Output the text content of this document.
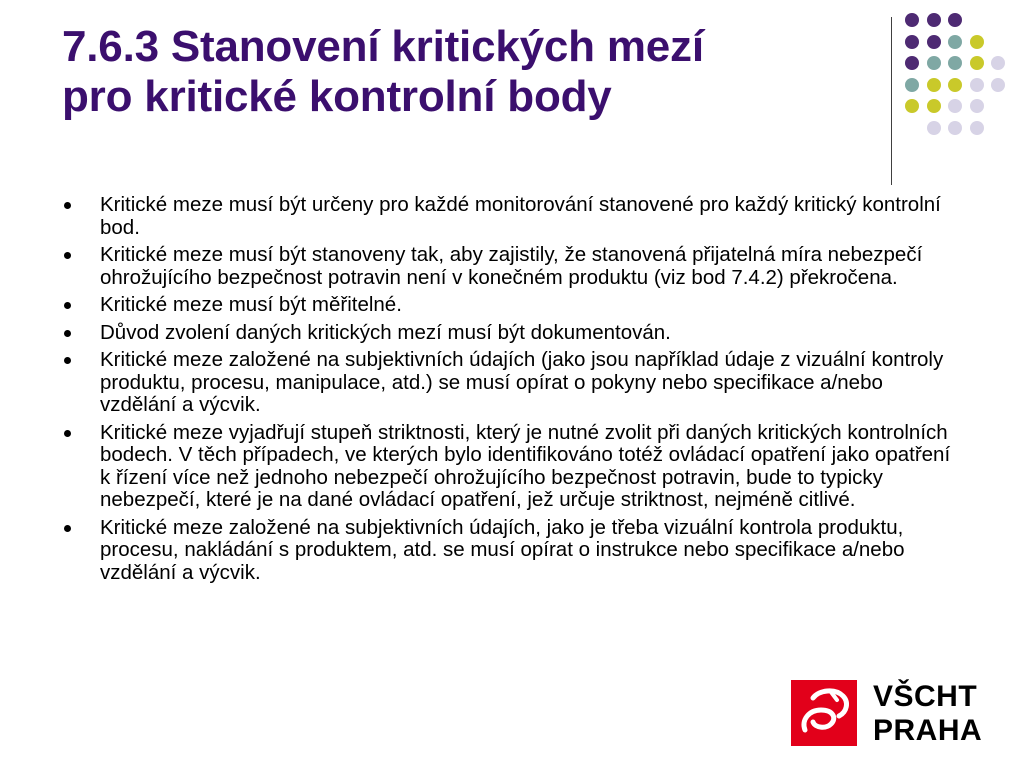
7.6.3 Stanovení kritických mezí
pro kritické kontrolní body
Kritické meze musí být určeny pro každé monitorování stanovené pro každý kritický kontrolní bod.
Kritické meze musí být stanoveny tak, aby zajistily, že stanovená přijatelná míra nebezpečí ohrožujícího bezpečnost potravin není v konečném produktu (viz bod 7.4.2) překročena.
Kritické meze musí být měřitelné.
Důvod zvolení daných kritických mezí musí být dokumentován.
Kritické meze založené na subjektivních údajích (jako jsou například údaje z vizuální kontroly produktu, procesu, manipulace, atd.) se musí opírat o pokyny nebo specifikace a/nebo vzdělání a výcvik.
Kritické meze vyjadřují stupeň striktnosti, který je nutné zvolit při daných kritických kontrolních bodech. V těch případech, ve kterých bylo identifikováno totéž ovládací opatření jako opatření k řízení více než jednoho nebezpečí ohrožujícího bezpečnost potravin, bude to typicky nebezpečí, které je na dané ovládací opatření, jež určuje striktnost, nejméně citlivé.
Kritické meze založené na subjektivních údajích, jako je třeba vizuální kontrola produktu, procesu, nakládání s produktem, atd. se musí opírat o instrukce nebo specifikace a/nebo vzdělání a výcvik.
VŠCHT
PRAHA
